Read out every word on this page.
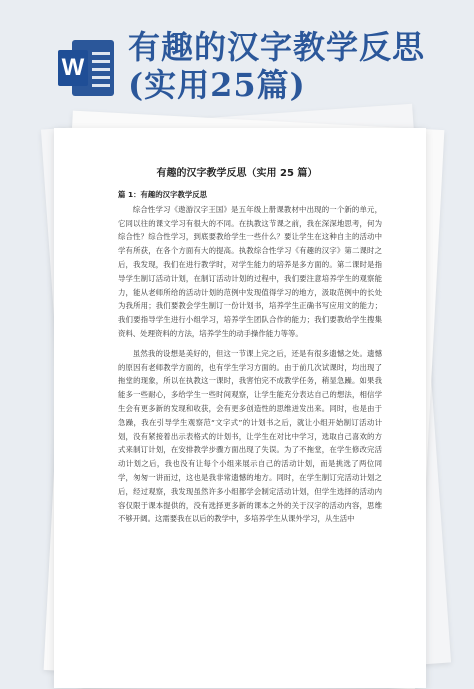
W
有趣的汉字教学反思(实用25篇)
有趣的汉字教学反思（实用 25 篇）
篇 1：有趣的汉字教学反思

综合性学习《遨游汉字王国》是五年级上册课教材中出现的一个新的单元，它同以往的课文学习有很大的不同。在执教这节课之前，我在深深地思考，何为综合性？综合性学习，到底要教给学生一些什么？要让学生在这种自主的活动中学有所获，在各个方面有大的提高。执教综合性学习《有趣的汉字》第二课时之后，我发现，我们在进行教学时，对学生能力的培养是多方面的。第二课时是指导学生制订活动计划，在制订活动计划的过程中，我们要注意培养学生的观察能力，能从老师所给的活动计划的范例中发现值得学习的地方，汲取范例中的长处为我所用；我们要教会学生制订一份计划书，培养学生正确书写应用文的能力；我们要指导学生进行小组学习，培养学生团队合作的能力；我们要教给学生搜集资料、处理资料的方法，培养学生的动手操作能力等等。

虽然我的设想是美好的，但这一节课上完之后，还是有很多遗憾之处。遗憾的原因有老师教学方面的，也有学生学习方面的。由于前几次试课时，均出现了拖堂的现象，所以在执教这一课时，我害怕完不成教学任务，稍显急躁。如果我能多一些耐心，多给学生一些时间观察，让学生能充分表达自己的想法，相信学生会有更多新的发现和收获，会有更多创造性的思维迸发出来。同时，也是由于急躁，我在引导学生观察范“文字式”的计划书之后，就让小组开始制订活动计划，没有紧接着出示表格式的计划书，让学生在对比中学习，选取自己喜欢的方式来制订计划，在安排教学步骤方面出现了失误。为了不拖堂，在学生修改完活动计划之后，我也没有让每个小组来展示自己的活动计划，而是挑选了两位同学，匆匆一讲而过，这也是我非常遗憾的地方。同时，在学生制订完活动计划之后，经过观察，我发现虽然许多小组都学会制定活动计划，但学生选择的活动内容仅限于课本提供的，没有选择更多新的课本之外的关于汉字的活动内容，思维不够开阔。这需要我在以后的教学中，多培养学生从课外学习，从生活中
